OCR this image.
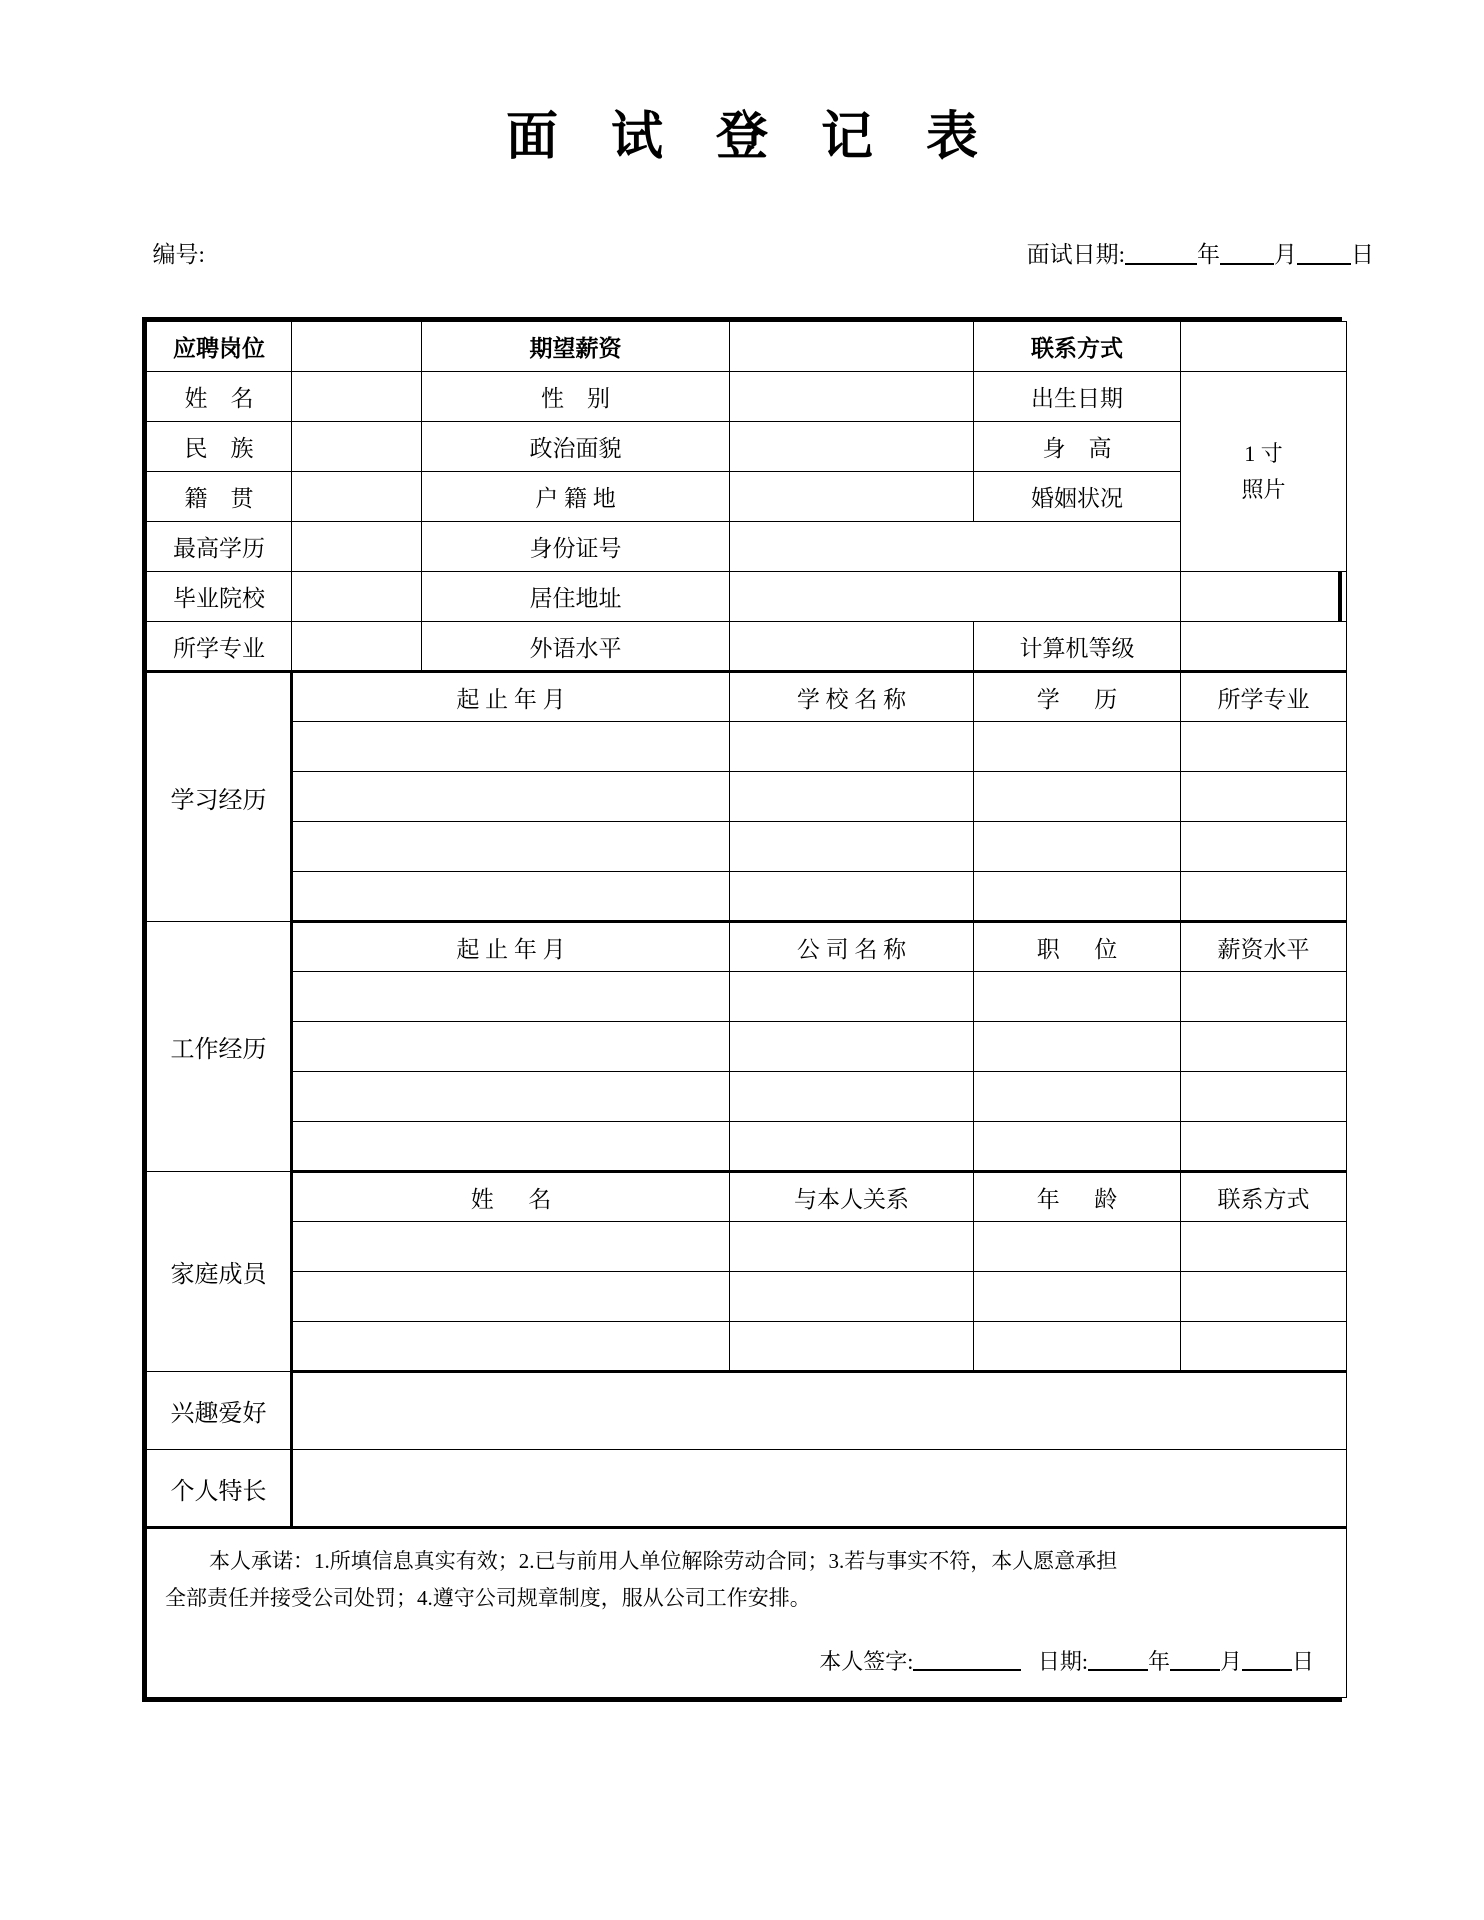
面 试 登 记 表

编号:
	面试日期:	年 月 日

应聘岗位		期望薪资		联系方式		
姓    名		性    别		出生日期	1 寸
照片	

民    族		政治面貌		身    高		
籍    贯		户 籍 地		婚姻状况		
最高学历		身份证号				
毕业院校		居住地址				
所学专业		外语水平		计算机等级		
学习经历	起 止 年 月		学 校 名 称	学      历	所学专业	

工作经历	起 止 年 月		公 司 名 称	职      位	薪资水平	

家庭成员	姓      名		与本人关系	年      龄	联系方式	

兴趣爱好						
个人特长						

本人承诺：1.所填信息真实有效；2.已与前用人单位解除劳动合同；3.若与事实不符，本人愿意承担
全部责任并接受公司处罚；4.遵守公司规章制度，服从公司工作安排。
本人签字: 日期: 年 月 日						
